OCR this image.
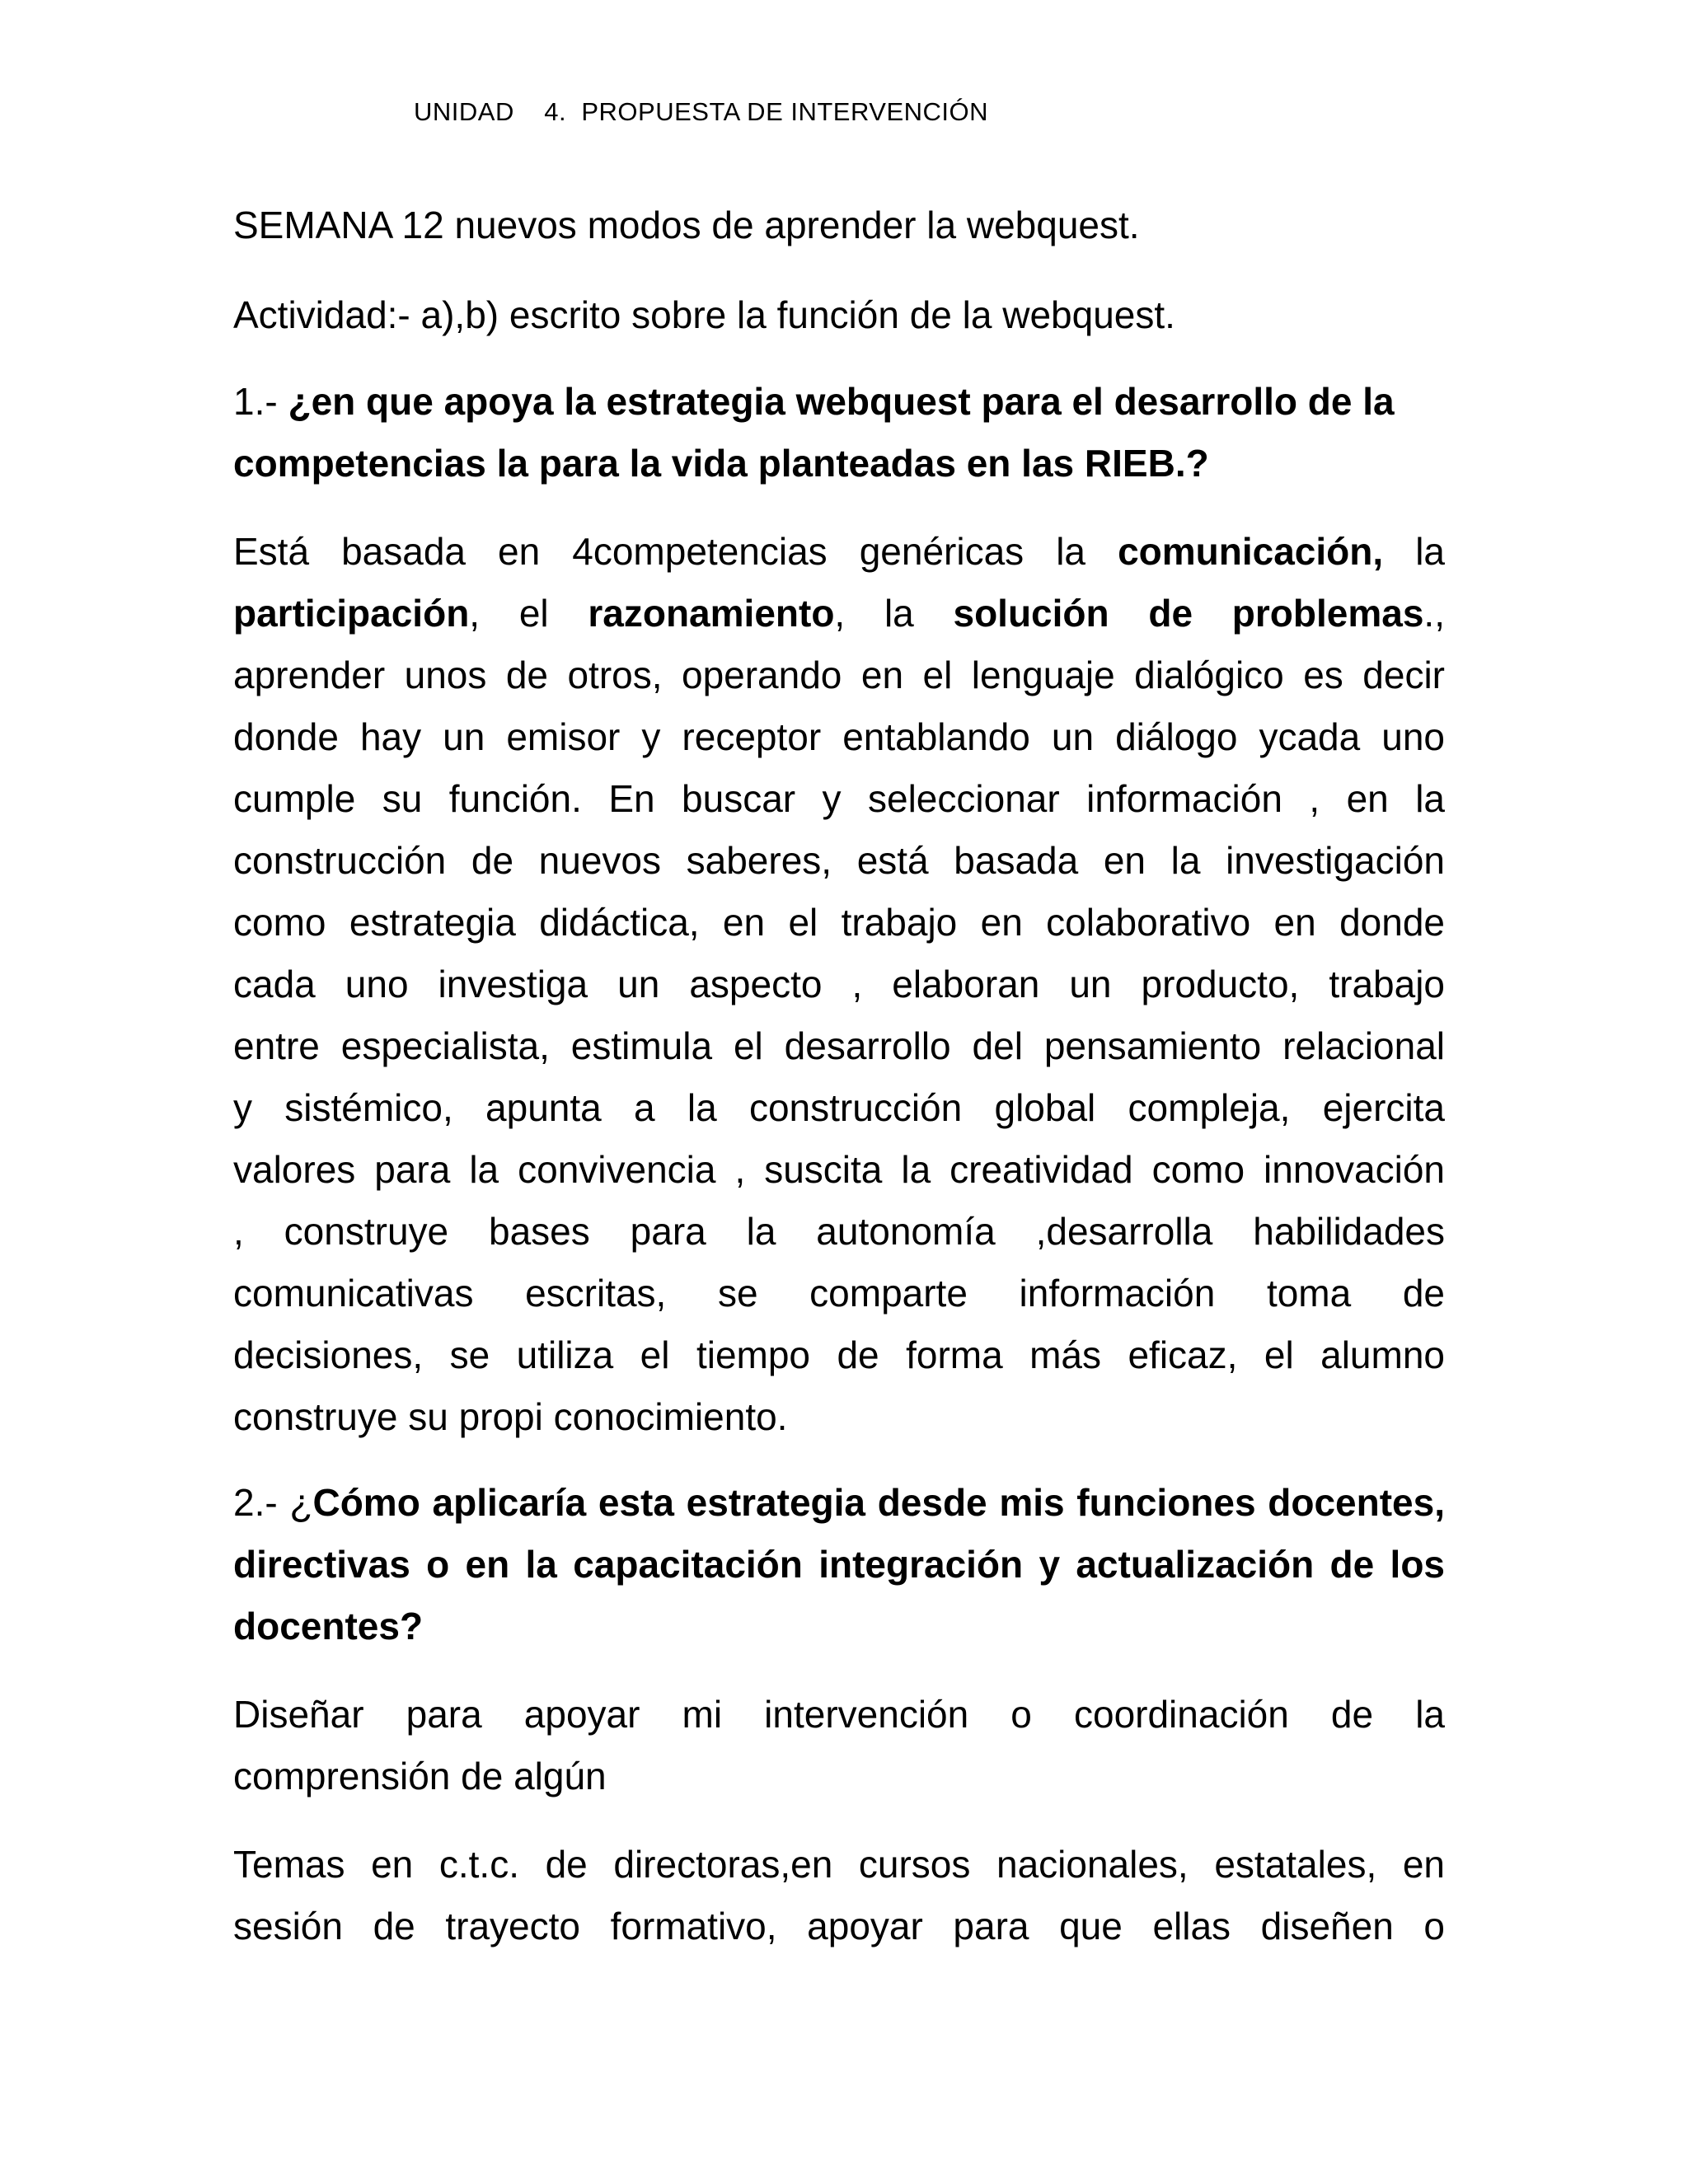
UNIDAD    4.  PROPUESTA DE INTERVENCIÓN
SEMANA 12 nuevos modos de aprender la webquest.
Actividad:- a),b) escrito sobre la función de la webquest.
1.- ¿en que apoya la estrategia webquest para el desarrollo de la
competencias la para la vida planteadas en las RIEB.?
Está basada en 4competencias genéricas la comunicación, la
participación, el razonamiento, la solución de problemas.,
aprender unos de otros, operando en el lenguaje dialógico es decir
donde hay un emisor y receptor entablando un diálogo ycada uno
cumple su función. En buscar y seleccionar información , en la
construcción de nuevos saberes, está basada en la investigación
como estrategia didáctica, en el trabajo en colaborativo en donde
cada uno investiga un aspecto , elaboran un producto, trabajo
entre especialista, estimula el desarrollo del pensamiento relacional
y sistémico, apunta a la construcción global compleja, ejercita
valores para la convivencia , suscita la creatividad como innovación
, construye bases para la autonomía ,desarrolla habilidades
comunicativas escritas, se comparte información toma de
decisiones, se utiliza el tiempo de forma más eficaz, el alumno
construye su propi conocimiento.
2.- ¿Cómo aplicaría esta estrategia desde mis funciones docentes,
directivas o en la capacitación integración y actualización de los
docentes?
Diseñar para apoyar mi intervención o coordinación de la
comprensión de algún
Temas en c.t.c. de directoras,en cursos nacionales, estatales, en
sesión de trayecto formativo, apoyar para que ellas diseñen o
